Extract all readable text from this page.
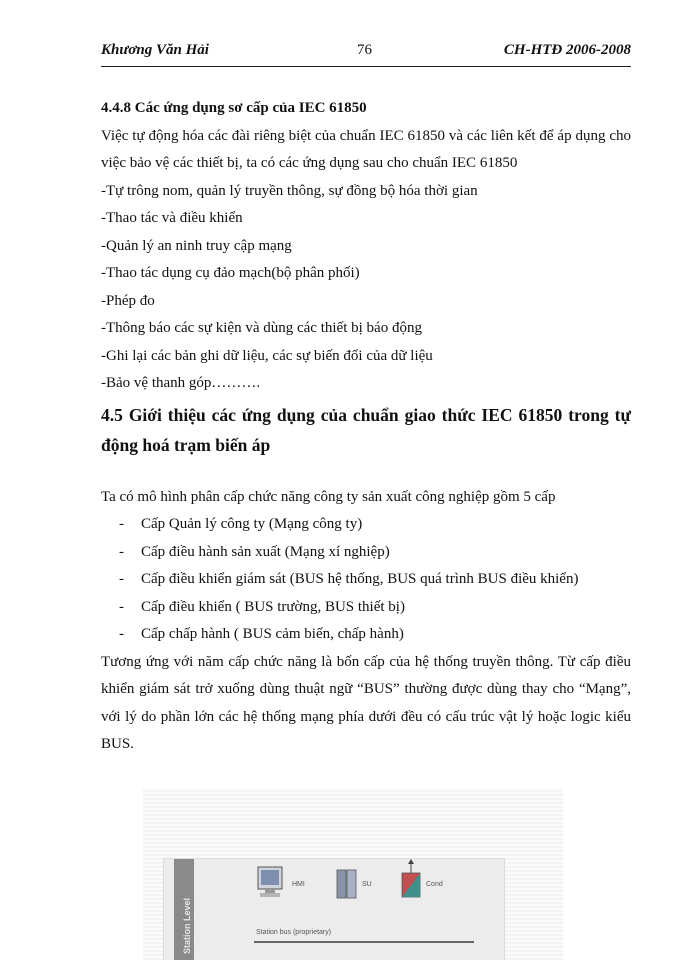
Khương Văn Hải	76	CH-HTĐ 2006-2008

4.4.8 Các ứng dụng sơ cấp của IEC 61850

Việc tự động hóa các đài riêng biệt của chuẩn IEC 61850 và các liên kết để áp dụng cho việc bảo vệ các thiết bị, ta có các ứng dụng sau cho chuẩn IEC 61850

-Tự trông nom, quản lý truyền thông, sự đồng bộ hóa thời gian

-Thao tác và điều khiển

-Quản lý an ninh truy cập mạng

-Thao tác dụng cụ đảo mạch(bộ phân phối)

-Phép đo

-Thông báo các sự kiện và dùng các thiết bị báo động

-Ghi lại các bản ghi dữ liệu, các sự biến đổi của dữ liệu

-Bảo vệ thanh góp……….

4.5 Giới thiệu các ứng dụng của chuẩn giao thức IEC 61850 trong tự động hoá trạm biến áp

Ta có mô hình phân cấp chức năng công ty sản xuất công nghiệp gồm 5 cấp

- Cấp Quản lý công ty (Mạng công ty)
- Cấp điều hành sản xuất (Mạng xí nghiệp)
- Cấp điều khiển giám sát (BUS hệ thống, BUS quá trình BUS điều khiển)
- Cấp điều khiển ( BUS trường, BUS thiết bị)
- Cấp chấp hành ( BUS cảm biến, chấp hành)

Tương ứng với năm cấp chức năng là bốn cấp của hệ thống truyền thông. Từ cấp điều khiển giám sát trở xuống dùng thuật ngữ “BUS” thường được dùng thay cho “Mạng”, với lý do phần lớn các hệ thống mạng phía dưới đều có cấu trúc vật lý hoặc logic kiểu BUS.

Station Level n and control
HMI	SU	Cond
Station bus (proprietary)
